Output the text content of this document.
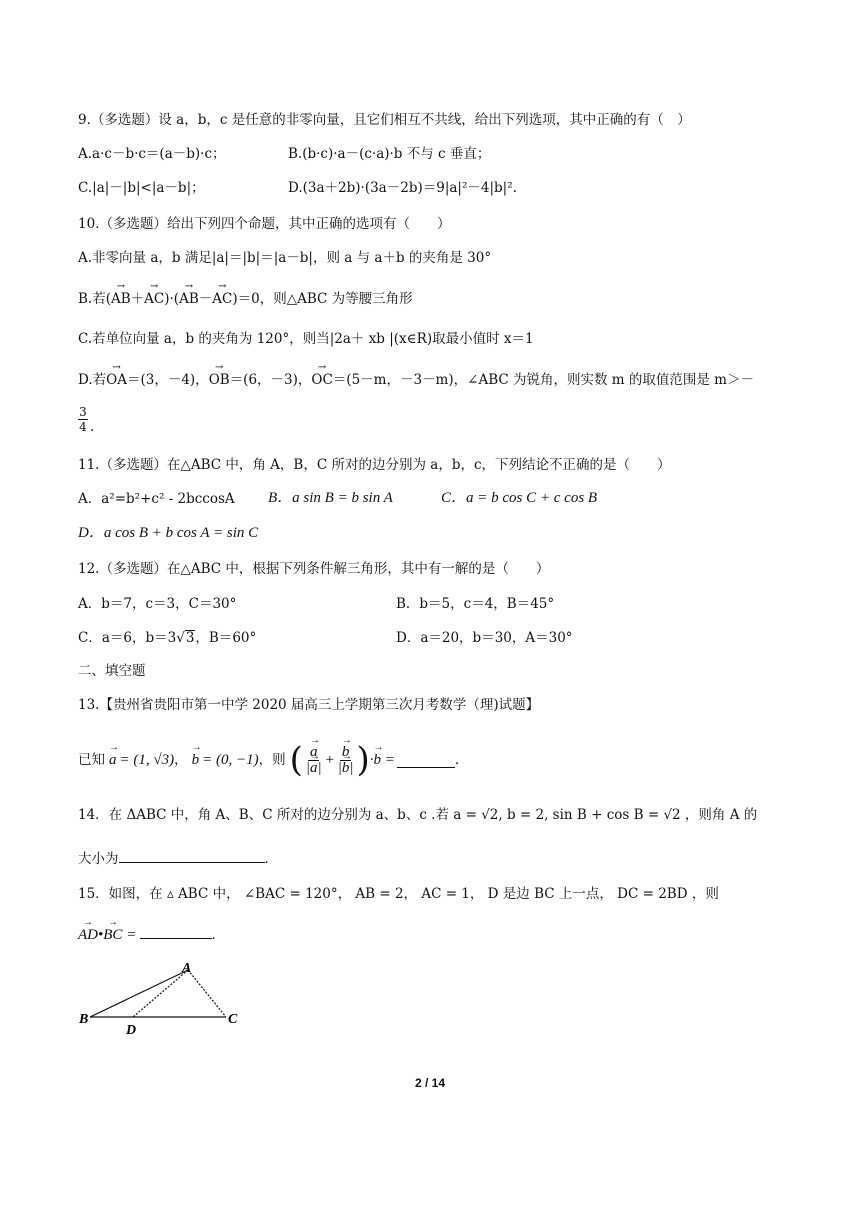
9.（多选题）设 a，b，c 是任意的非零向量，且它们相互不共线，给出下列选项，其中正确的有（　）
A.a·c－b·c＝(a－b)·c；	B.(b·c)·a－(c·a)·b 不与 c 垂直；
C.|a|－|b|<|a－b|；	D.(3a＋2b)·(3a－2b)＝9|a|²－4|b|².
10.（多选题）给出下列四个命题，其中正确的选项有（　　）
A.非零向量 a，b 满足|a|＝|b|＝|a－b|，则 a 与 a＋b 的夹角是 30°
B.若(→ AB＋→ AC)·(→ AB－→ AC)＝0，则△ABC 为等腰三角形
C.若单位向量 a，b 的夹角为 120°，则当|2a＋ xb |(x∈R)取最小值时 x＝1
D.若→ OA＝(3，－4)，→ OB＝(6，－3)，→ OC＝(5－m，－3－m)，∠ABC 为锐角，则实数 m 的取值范围是 m＞－
3
4 .
11.（多选题）在△ABC 中，角 A，B，C 所对的边分别为 a，b，c，下列结论不正确的是（　　）
A．a²=b²+c² - 2bccosA B．a sin B = b sin A	C．a = b cos C + c cos B
D．a cos B + b cos A = sin C
12.（多选题）在△ABC 中，根据下列条件解三角形，其中有一解的是（　　）
A．b＝7，c＝3，C＝30°	B．b＝5，c＝4，B＝45°
C．a＝6，b＝3√3，B＝60°	D．a＝20，b＝30，A＝30°
二、填空题
13.【贵州省贵阳市第一中学 2020 届高三上学期第三次月考数学（理)试题】
已知 → a = (1, √3) ， → b = (0, −1) ，则 ( → $\frac{a}{|\to a|}$ + → $\frac{b}{|\to b|}$ ) ·→ b =	.
14．在 ΔABC 中，角 A、B、C 所对的边分别为 a、b、c .若 a = √2, b = 2, sin B + cos B = √2 ，则角 A 的
大小为	.
15．如图，在 ▵ ABC 中， ∠BAC = 120°， AB = 2， AC = 1， D 是边 BC 上一点， DC = 2BD ，则
→ AD•→ BC =	.
A
B	C
D
2 / 14
